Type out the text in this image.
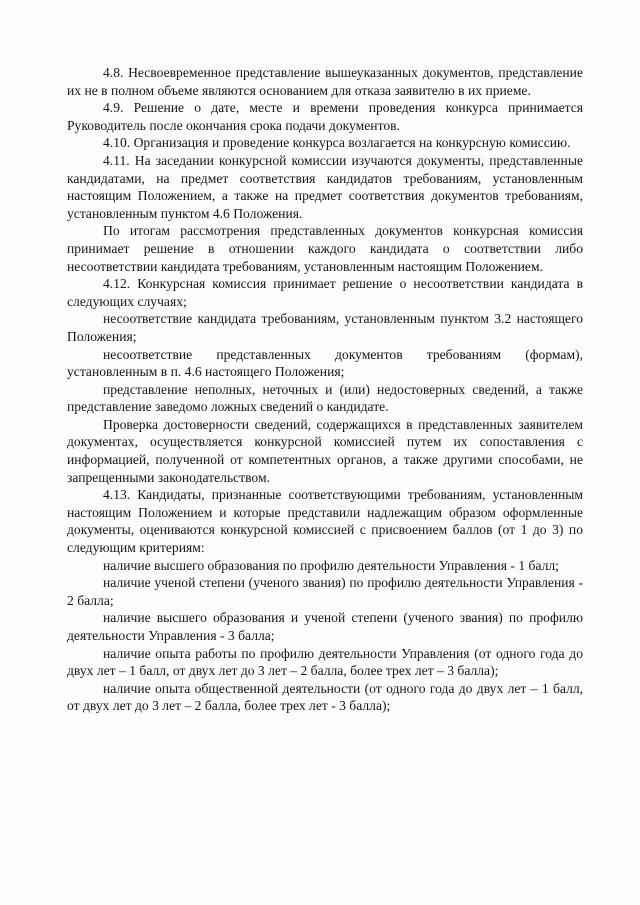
4.8. Несвоевременное представление вышеуказанных документов, представление их не в полном объеме являются основанием для отказа заявителю в их приеме.

4.9. Решение о дате, месте и времени проведения конкурса принимается Руководитель после окончания срока подачи документов.

4.10. Организация и проведение конкурса возлагается на конкурсную комиссию.

4.11. На заседании конкурсной комиссии изучаются документы, представленные кандидатами, на предмет соответствия кандидатов требованиям, установленным настоящим Положением, а также на предмет соответствия документов требованиям, установленным пунктом 4.6 Положения.

По итогам рассмотрения представленных документов конкурсная комиссия принимает решение в отношении каждого кандидата о соответствии либо несоответствии кандидата требованиям, установленным настоящим Положением.

4.12. Конкурсная комиссия принимает решение о несоответствии кандидата в следующих случаях;

несоответствие кандидата требованиям, установленным пунктом 3.2 настоящего Положения;

несоответствие представленных документов требованиям (формам), установленным в п. 4.6 настоящего Положения;

представление неполных, неточных и (или) недостоверных сведений, а также представление заведомо ложных сведений о кандидате.

Проверка достоверности сведений, содержащихся в представленных заявителем документах, осуществляется конкурсной комиссией путем их сопоставления с информацией, полученной от компетентных органов, а также другими способами, не запрещенными законодательством.

4.13. Кандидаты, признанные соответствующими требованиям, установленным настоящим Положением и которые представили надлежащим образом оформленные документы, оцениваются конкурсной комиссией с присвоением баллов (от 1 до 3) по следующим критериям:

наличие высшего образования по профилю деятельности Управления - 1 балл;

наличие ученой степени (ученого звания) по профилю деятельности Управления - 2 балла;

наличие высшего образования и ученой степени (ученого звания) по профилю деятельности Управления - 3 балла;

наличие опыта работы по профилю деятельности Управления (от одного года до двух лет – 1 балл, от двух лет до 3 лет – 2 балла, более трех лет – 3 балла);

наличие опыта общественной деятельности (от одного года до двух лет – 1 балл, от двух лет до 3 лет – 2 балла, более трех лет - 3 балла);
